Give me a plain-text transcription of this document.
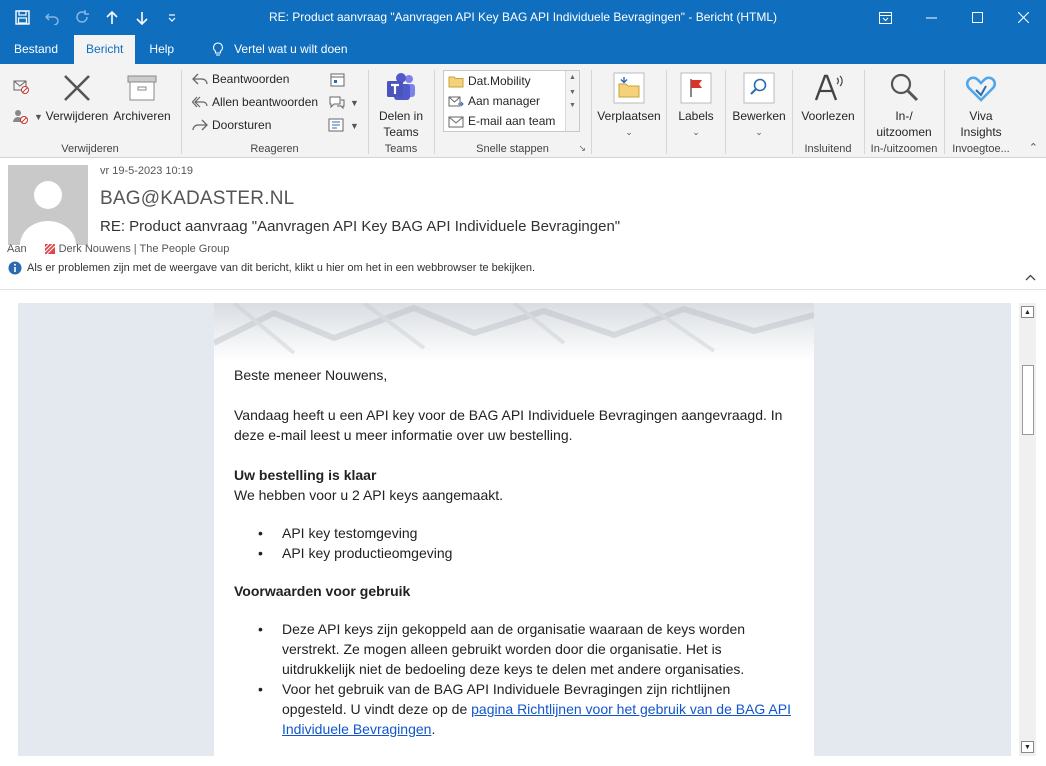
RE: Product aanvraag "Aanvragen API Key BAG API Individuele Bevragingen" - Bericht (HTML)
Bestand	Bericht	Help	Vertel wat u wilt doen
▼ Verwijderen Archiveren
Verwijderen
Beantwoorden
Allen beantwoorden
Doorsturen
▼
▼
Reageren
Delen in
Teams
Teams
Dat.Mobility
Aan manager
E-mail aan team
▲
▼
▼
Snelle stappen	↘
Verplaatsen
⌄
Labels
⌄
Bewerken
⌄
Voorlezen
Insluitend
In-/
uitzoomen
In-/uitzoomen
Viva
Insights
Invoegtoe...	⌃
vr 19-5-2023 10:19
BAG@KADASTER.NL
RE: Product aanvraag "Aanvragen API Key BAG API Individuele Bevragingen"
Aan	Derk Nouwens | The People Group
Als er problemen zijn met de weergave van dit bericht, klikt u hier om het in een webbrowser te bekijken.

Beste meneer Nouwens,

Vandaag heeft u een API key voor de BAG API Individuele Bevragingen aangevraagd. In deze e-mail leest u meer informatie over uw bestelling.

Uw bestelling is klaar

We hebben voor u 2 API keys aangemaakt.

• API key testomgeving
• API key productieomgeving

Voorwaarden voor gebruik

• Deze API keys zijn gekoppeld aan de organisatie waaraan de keys worden verstrekt. Ze mogen alleen gebruikt worden door die organisatie. Het is uitdrukkelijk niet de bedoeling deze keys te delen met andere organisaties.
• Voor het gebruik van de BAG API Individuele Bevragingen zijn richtlijnen opgesteld. U vindt deze op de pagina Richtlijnen voor het gebruik van de BAG API Individuele Bevragingen.
▲
▼
